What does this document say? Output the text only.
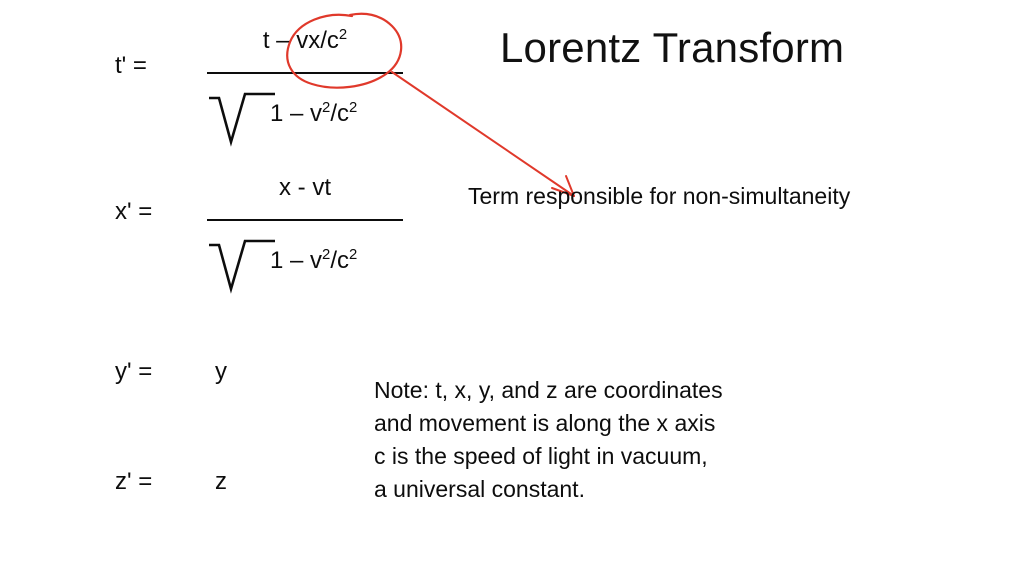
Lorentz Transform
t' =
t – $vx/c^2$
$1 - v^2/c^2$
x' =
x - vt
$1 - v^2/c^2$
y' =	y
z' =	z
Term responsible for non-simultaneity
Note: t, x, y, and z are coordinates
and movement is along the x axis
c is the speed of light in vacuum,
a universal constant.
